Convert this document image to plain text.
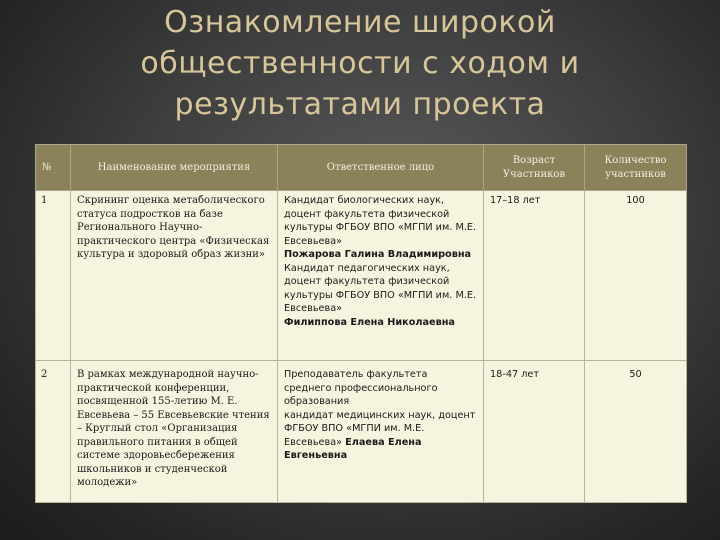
Ознакомление широкой
общественности с ходом и
результатами проекта
№	Наименование мероприятия	Ответственное лицо	Возраст Участников	Количество участников
1	Скрининг оценка метаболического статуса подростков на базе Регионального Научно-практического центра «Физическая культура и здоровый образ жизни»	Кандидат биологических наук, доцент факультета физической культуры ФГБОУ ВПО «МГПИ им. М.Е. Евсевьева»
Пожарова Галина Владимировна
Кандидат педагогических наук, доцент факультета физической культуры ФГБОУ ВПО «МГПИ им. М.Е. Евсевьева»
Филиппова Елена Николаевна	17–18 лет	100
2	В рамках международной научно-практической конференции, посвященной 155-летию М. Е. Евсевьева – 55 Евсевьевские чтения – Круглый стол «Организация правильного питания в общей системе здоровьесбережения школьников и студенческой молодежи»	Преподаватель факультета среднего профессионального образования
кандидат медицинских наук, доцент ФГБОУ ВПО «МГПИ им. М.Е. Евсевьева» Елаева Елена Евгеньевна	18-47 лет	50
